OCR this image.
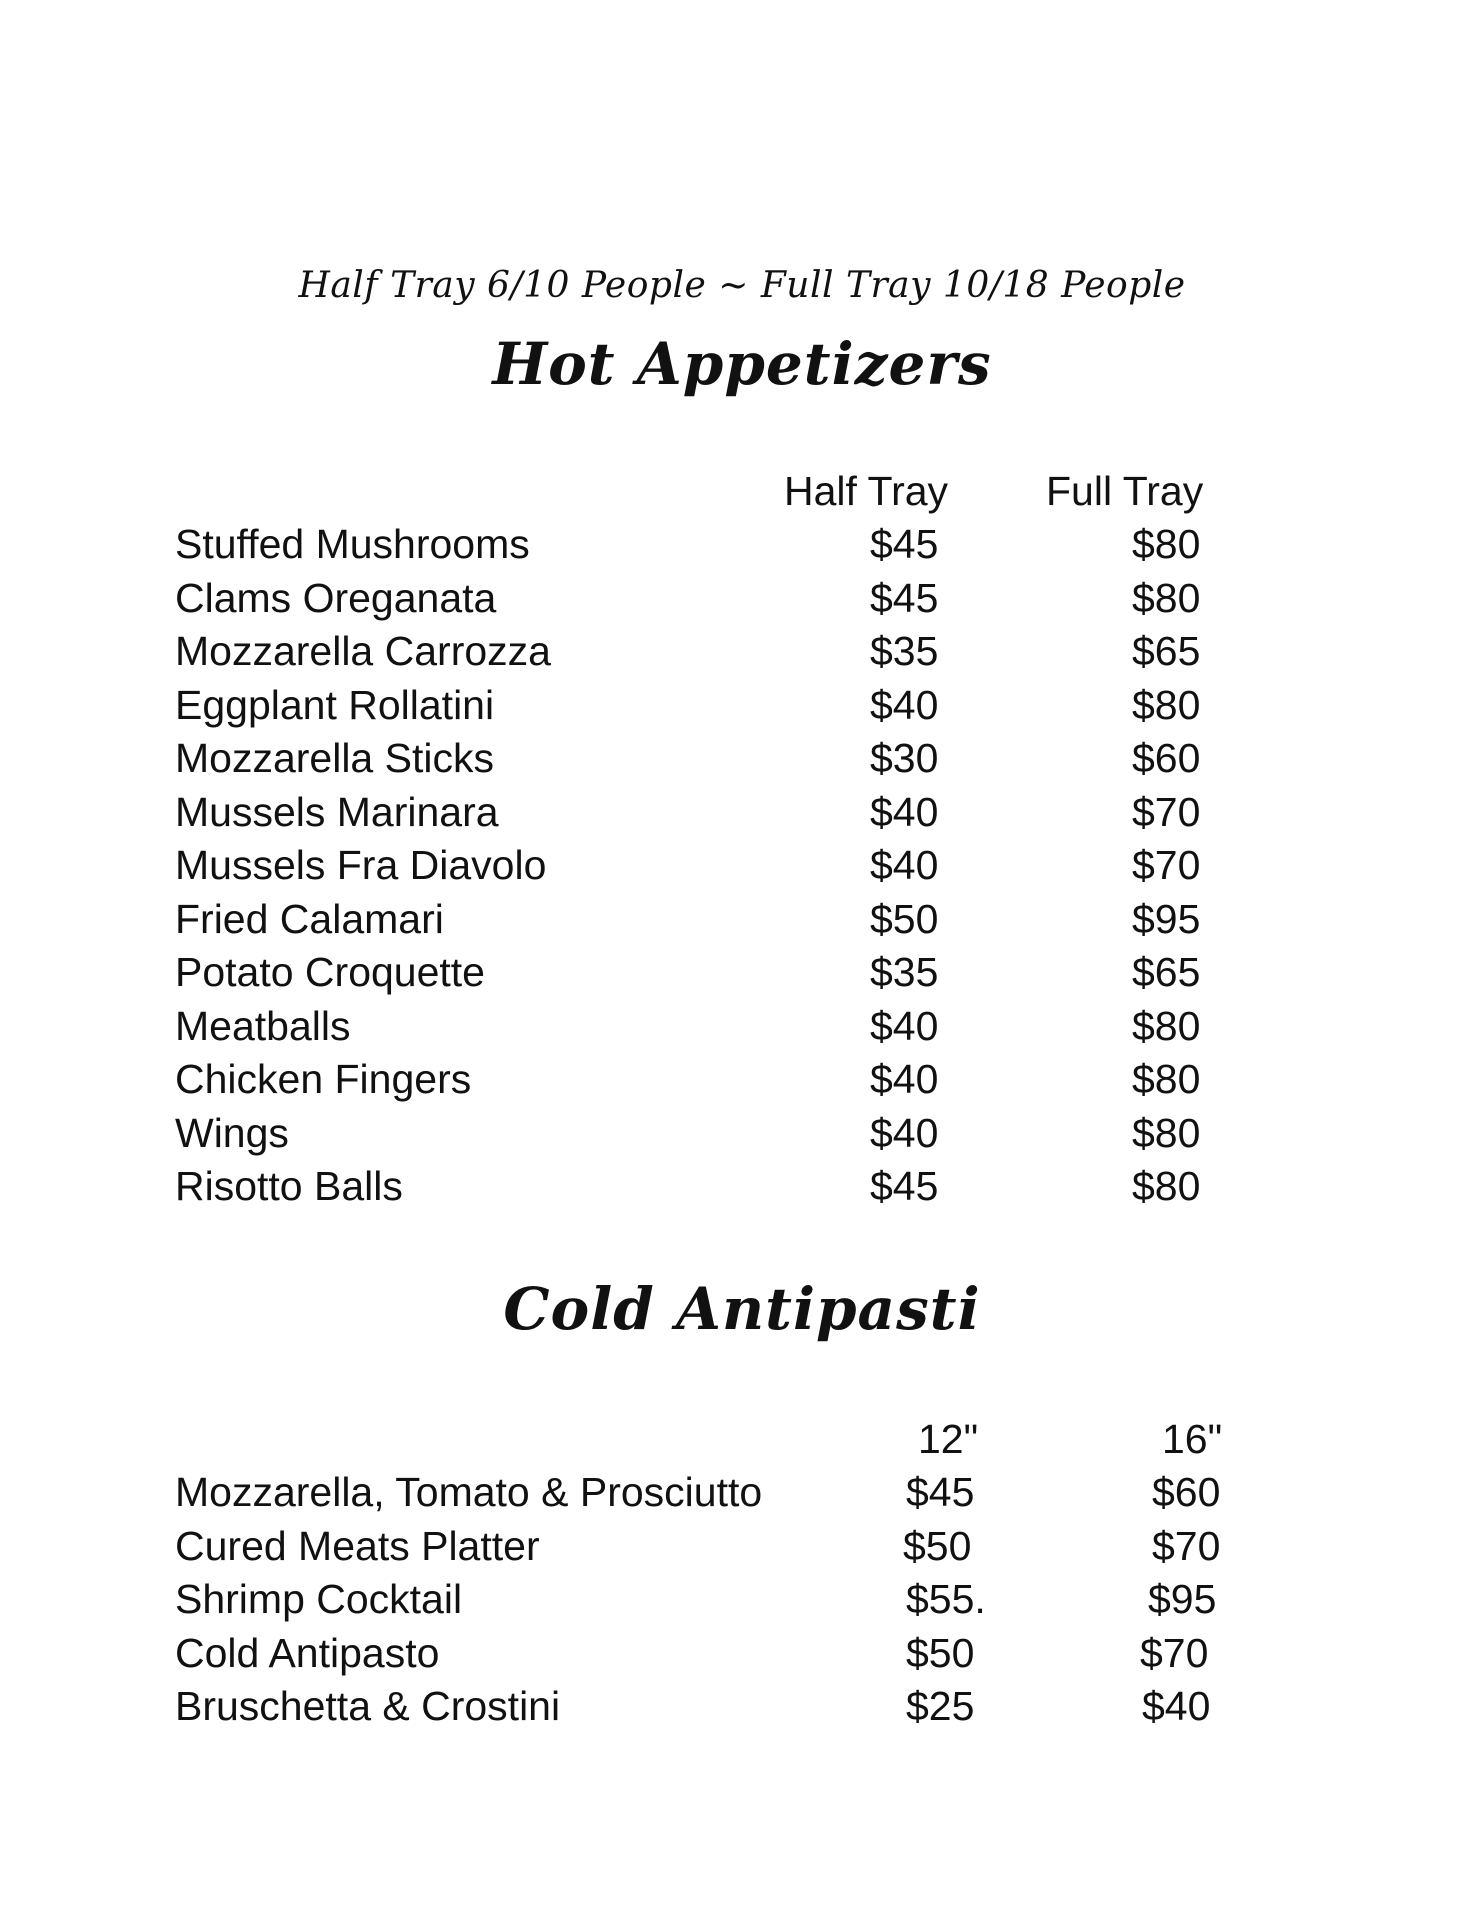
Half Tray 6/10 People ~ Full Tray 10/18 People
Hot Appetizers
Half Tray Full Tray
Stuffed Mushrooms	$45	$80
Clams Oreganata	$45	$80
Mozzarella Carrozza	$35	$65
Eggplant Rollatini	$40	$80
Mozzarella Sticks	$30	$60
Mussels Marinara	$40	$70
Mussels Fra Diavolo	$40	$70
Fried Calamari	$50	$95
Potato Croquette	$35	$65
Meatballs	$40	$80
Chicken Fingers	$40	$80
Wings	$40	$80
Risotto Balls	$45	$80
Cold Antipasti
12"	16"
Mozzarella, Tomato & Prosciutto	$45	$60
Cured Meats Platter	$50	$70
Shrimp Cocktail	$55.	$95
Cold Antipasto	$50	$70
Bruschetta & Crostini	$25	$40
